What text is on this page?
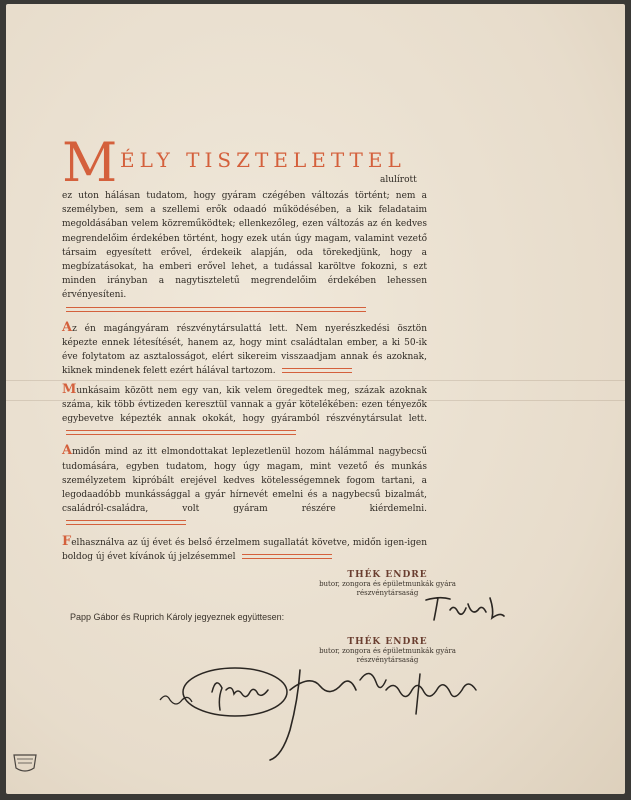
M ÉLY TISZTELETTEL
alulírott

ez uton hálásan tudatom, hogy gyáram czégében változás történt; nem a személyben, sem a szellemi erők odaadó működésében, a kik feladataim megoldásában velem közreműködtek; ellenkezőleg, ezen változás az én kedves megrendelőim érdekében történt, hogy ezek után úgy magam, valamint vezető társaim egyesített erővel, érdekeik alapján, oda törekedjünk, hogy a megbízatásokat, ha emberi erővel lehet, a tudással karöltve fokozni, s ezt minden irányban a nagytiszteletű megrendelőim érdekében lehessen érvényesíteni.

Az én magángyáram részvénytársulattá lett. Nem nyerészkedési ösztön képezte ennek létesítését, hanem az, hogy mint családtalan ember, a ki 50-ik éve folytatom az asztalosságot, elért sikereim visszaadjam annak és azoknak, kiknek mindenek felett ezért hálával tartozom.

Munkásaim között nem egy van, kik velem öregedtek meg, százak azoknak száma, kik több évtizeden keresztül vannak a gyár kötelékében: ezen tényezők egybevetve képezték annak okokát, hogy gyáramból részvénytársulat lett.

Amidőn mind az itt elmondottakat leplezetlenül hozom hálámmal nagybecsű tudomására, egyben tudatom, hogy úgy magam, mint vezető és munkás személyzetem kipróbált erejével kedves kötelességemnek fogom tartani, a legodaadóbb munkássággal a gyár hírnevét emelni és a nagybecsű bizalmát, családról-családra, volt gyáram részére kiérdemelni.

Felhasználva az új évet és belső érzelmem sugallatát követve, midőn igen-igen boldog új évet kívánok új jelzésemmel

THÉK ENDRE
butor, zongora és épületmunkák gyára
részvénytársaság
Papp Gábor és Ruprich Károly jegyeznek együttesen:
THÉK ENDRE
butor, zongora és épületmunkák gyára
részvénytársaság
